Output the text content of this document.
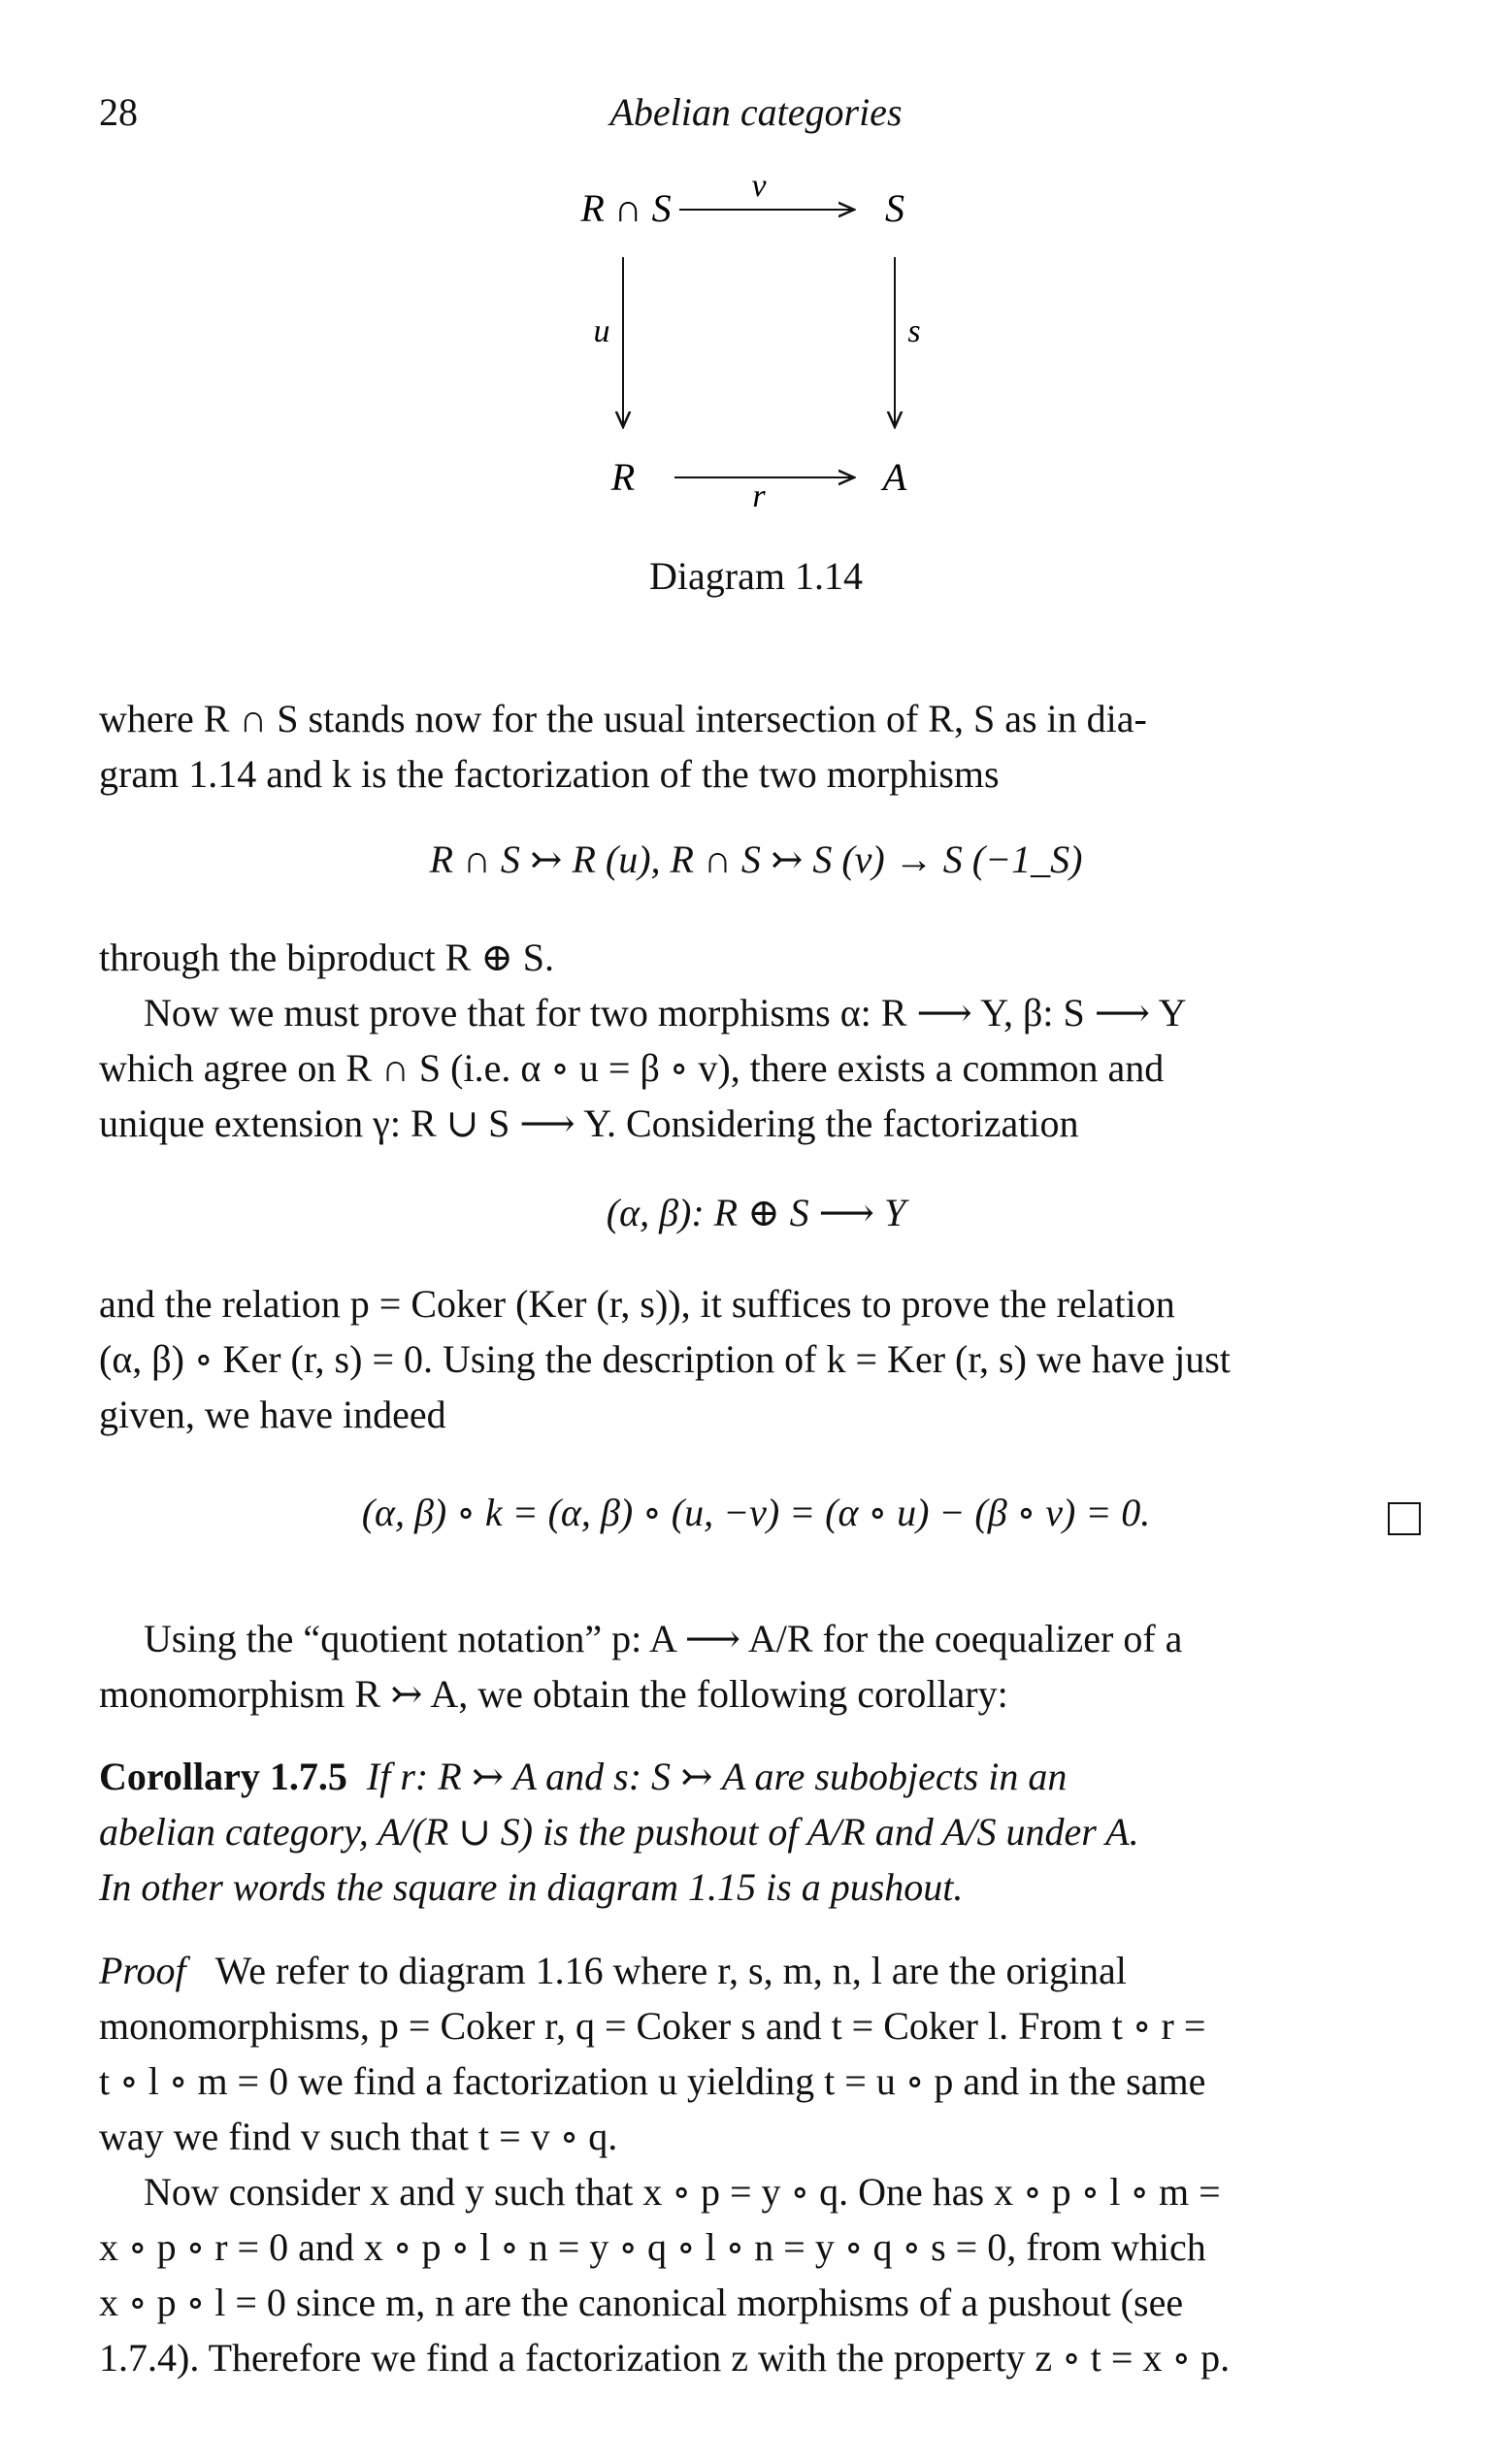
28	Abelian categories
R ∩ S	S
R	A
v
u	s
r
Diagram 1.14
where R ∩ S stands now for the usual intersection of R, S as in dia-
gram 1.14 and k is the factorization of the two morphisms
R ∩ S ↣ R (u), R ∩ S ↣ S (v) → S (−1_S)
through the biproduct R ⊕ S.
Now we must prove that for two morphisms α: R ⟶ Y, β: S ⟶ Y
which agree on R ∩ S (i.e. α ∘ u = β ∘ v), there exists a common and
unique extension γ: R ∪ S ⟶ Y. Considering the factorization
(α, β): R ⊕ S ⟶ Y
and the relation p = Coker (Ker (r, s)), it suffices to prove the relation
(α, β) ∘ Ker (r, s) = 0. Using the description of k = Ker (r, s) we have just
given, we have indeed
(α, β) ∘ k = (α, β) ∘ (u, −v) = (α ∘ u) − (β ∘ v) = 0.
Using the “quotient notation” p: A ⟶ A/R for the coequalizer of a
monomorphism R ↣ A, we obtain the following corollary:
Corollary 1.7.5 If r: R ↣ A and s: S ↣ A are subobjects in an
abelian category, A/(R ∪ S) is the pushout of A/R and A/S under A.
In other words the square in diagram 1.15 is a pushout.
Proof We refer to diagram 1.16 where r, s, m, n, l are the original
monomorphisms, p = Coker r, q = Coker s and t = Coker l. From t ∘ r =
t ∘ l ∘ m = 0 we find a factorization u yielding t = u ∘ p and in the same
way we find v such that t = v ∘ q.
Now consider x and y such that x ∘ p = y ∘ q. One has x ∘ p ∘ l ∘ m =
x ∘ p ∘ r = 0 and x ∘ p ∘ l ∘ n = y ∘ q ∘ l ∘ n = y ∘ q ∘ s = 0, from which
x ∘ p ∘ l = 0 since m, n are the canonical morphisms of a pushout (see
1.7.4). Therefore we find a factorization z with the property z ∘ t = x ∘ p.
